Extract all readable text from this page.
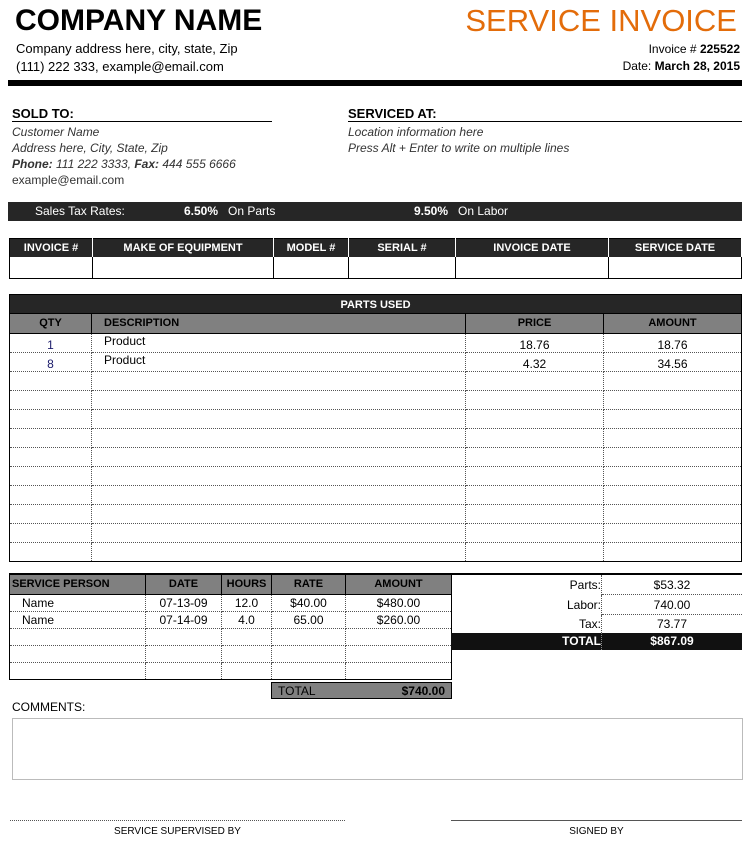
COMPANY NAME
Company address here, city, state, Zip
(111) 222 333, example@email.com
SERVICE INVOICE
Invoice # 225522
Date: March 28, 2015
SOLD TO:
Customer Name
Address here, City, State, Zip
Phone: 111 222 3333, Fax: 444 555 6666
example@email.com
SERVICED AT:
Location information here
Press Alt + Enter to write on multiple lines
Sales Tax Rates:	6.50% On Parts	9.50% On Labor
INVOICE #	MAKE OF EQUIPMENT	MODEL #	SERIAL #	INVOICE DATE	SERVICE DATE

PARTS USED
QTY	DESCRIPTION	PRICE	AMOUNT
1	Product	18.76	18.76
8	Product	4.32	34.56

SERVICE PERSON	DATE	HOURS	RATE	AMOUNT
Name	07-13-09	12.0	$40.00	$480.00
Name	07-14-09	4.0	65.00	$260.00

TOTAL	$740.00
Parts:	$53.32
Labor:	740.00
Tax:	73.77
TOTAL	$867.09
COMMENTS:
SERVICE SUPERVISED BY	SIGNED BY
